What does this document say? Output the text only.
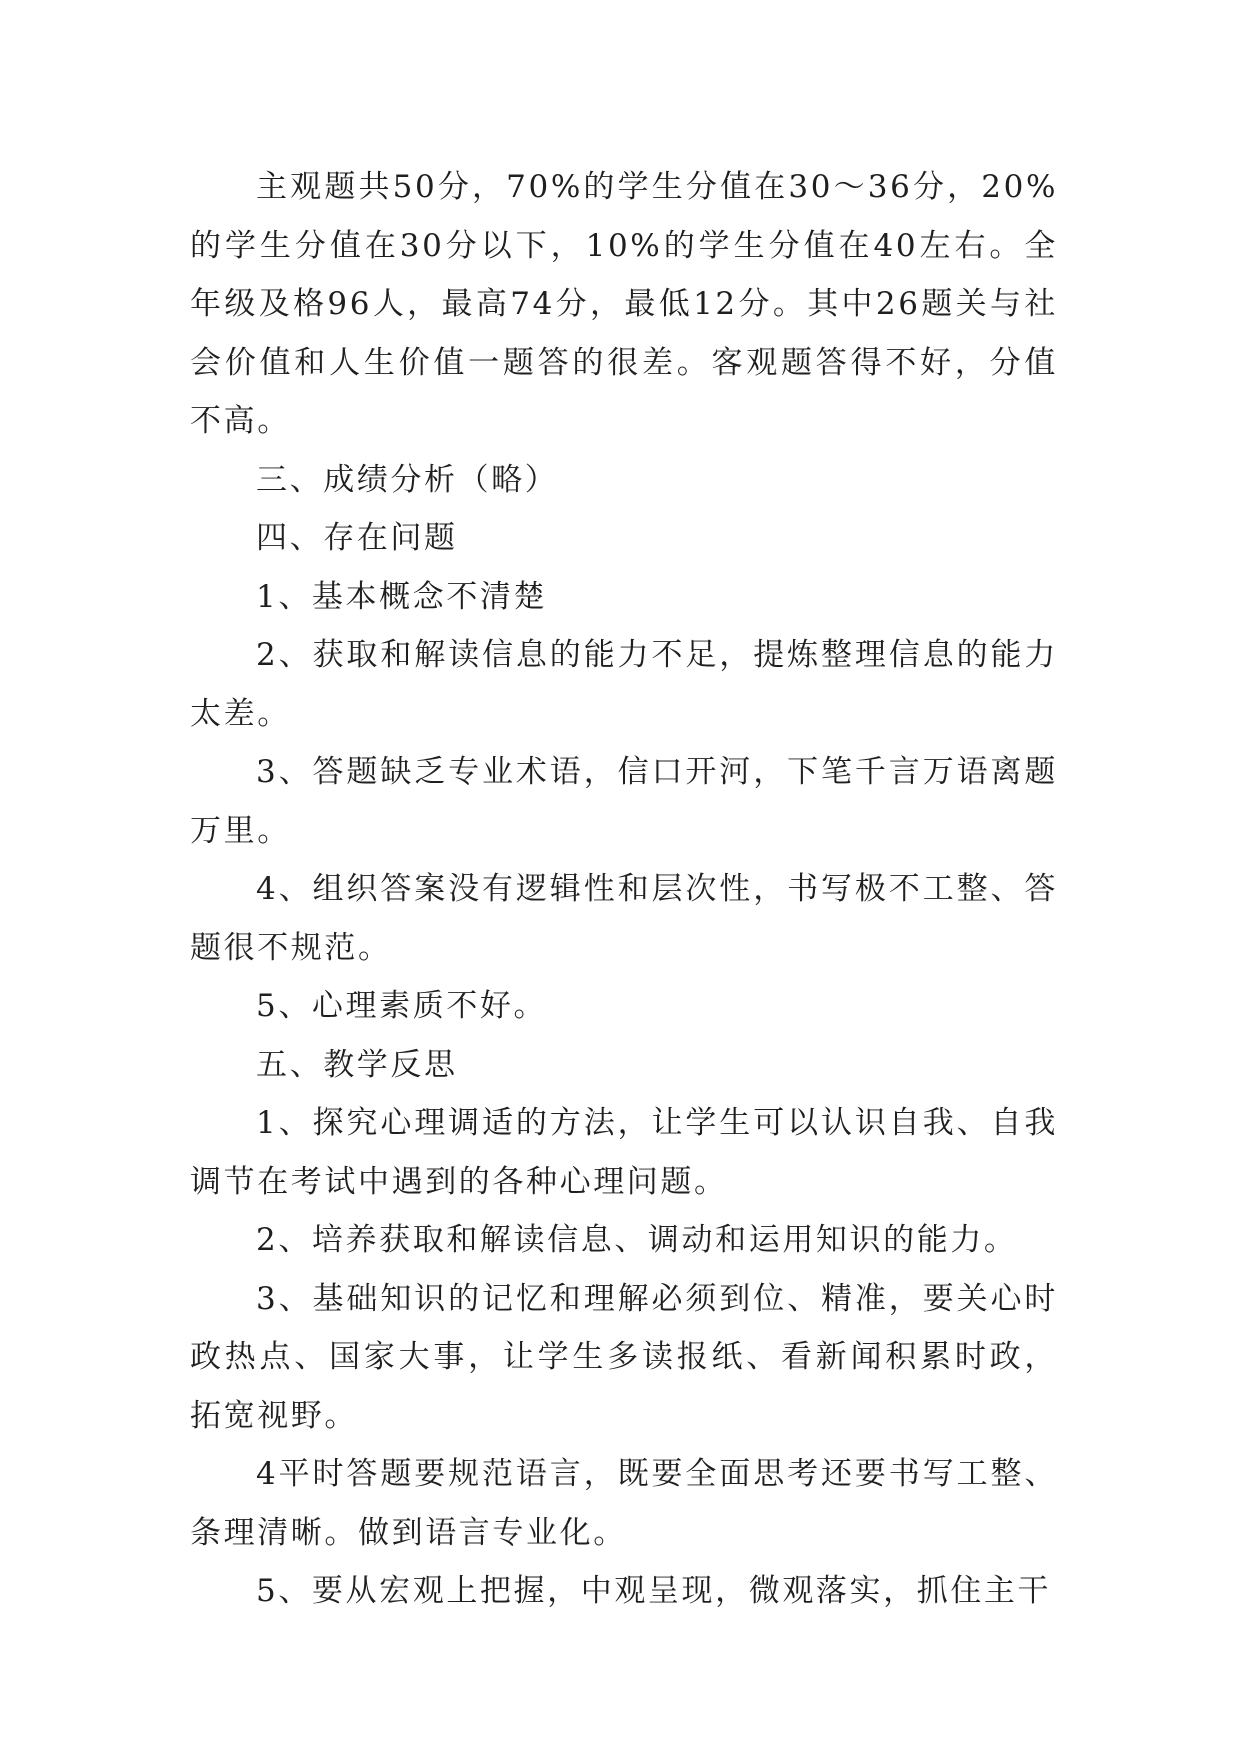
主观题共50分，70%的学生分值在30～36分，20%的学生分值在30分以下，10%的学生分值在40左右。全年级及格96人，最高74分，最低12分。其中26题关与社会价值和人生价值一题答的很差。客观题答得不好，分值不高。

三、成绩分析（略）

四、存在问题

1、基本概念不清楚

2、获取和解读信息的能力不足，提炼整理信息的能力太差。

3、答题缺乏专业术语，信口开河，下笔千言万语离题万里。

4、组织答案没有逻辑性和层次性，书写极不工整、答题很不规范。

5、心理素质不好。

五、教学反思

1、探究心理调适的方法，让学生可以认识自我、自我调节在考试中遇到的各种心理问题。

2、培养获取和解读信息、调动和运用知识的能力。

3、基础知识的记忆和理解必须到位、精准，要关心时政热点、国家大事，让学生多读报纸、看新闻积累时政，拓宽视野。

4平时答题要规范语言，既要全面思考还要书写工整、条理清晰。做到语言专业化。

5、要从宏观上把握，中观呈现，微观落实，抓住主干
